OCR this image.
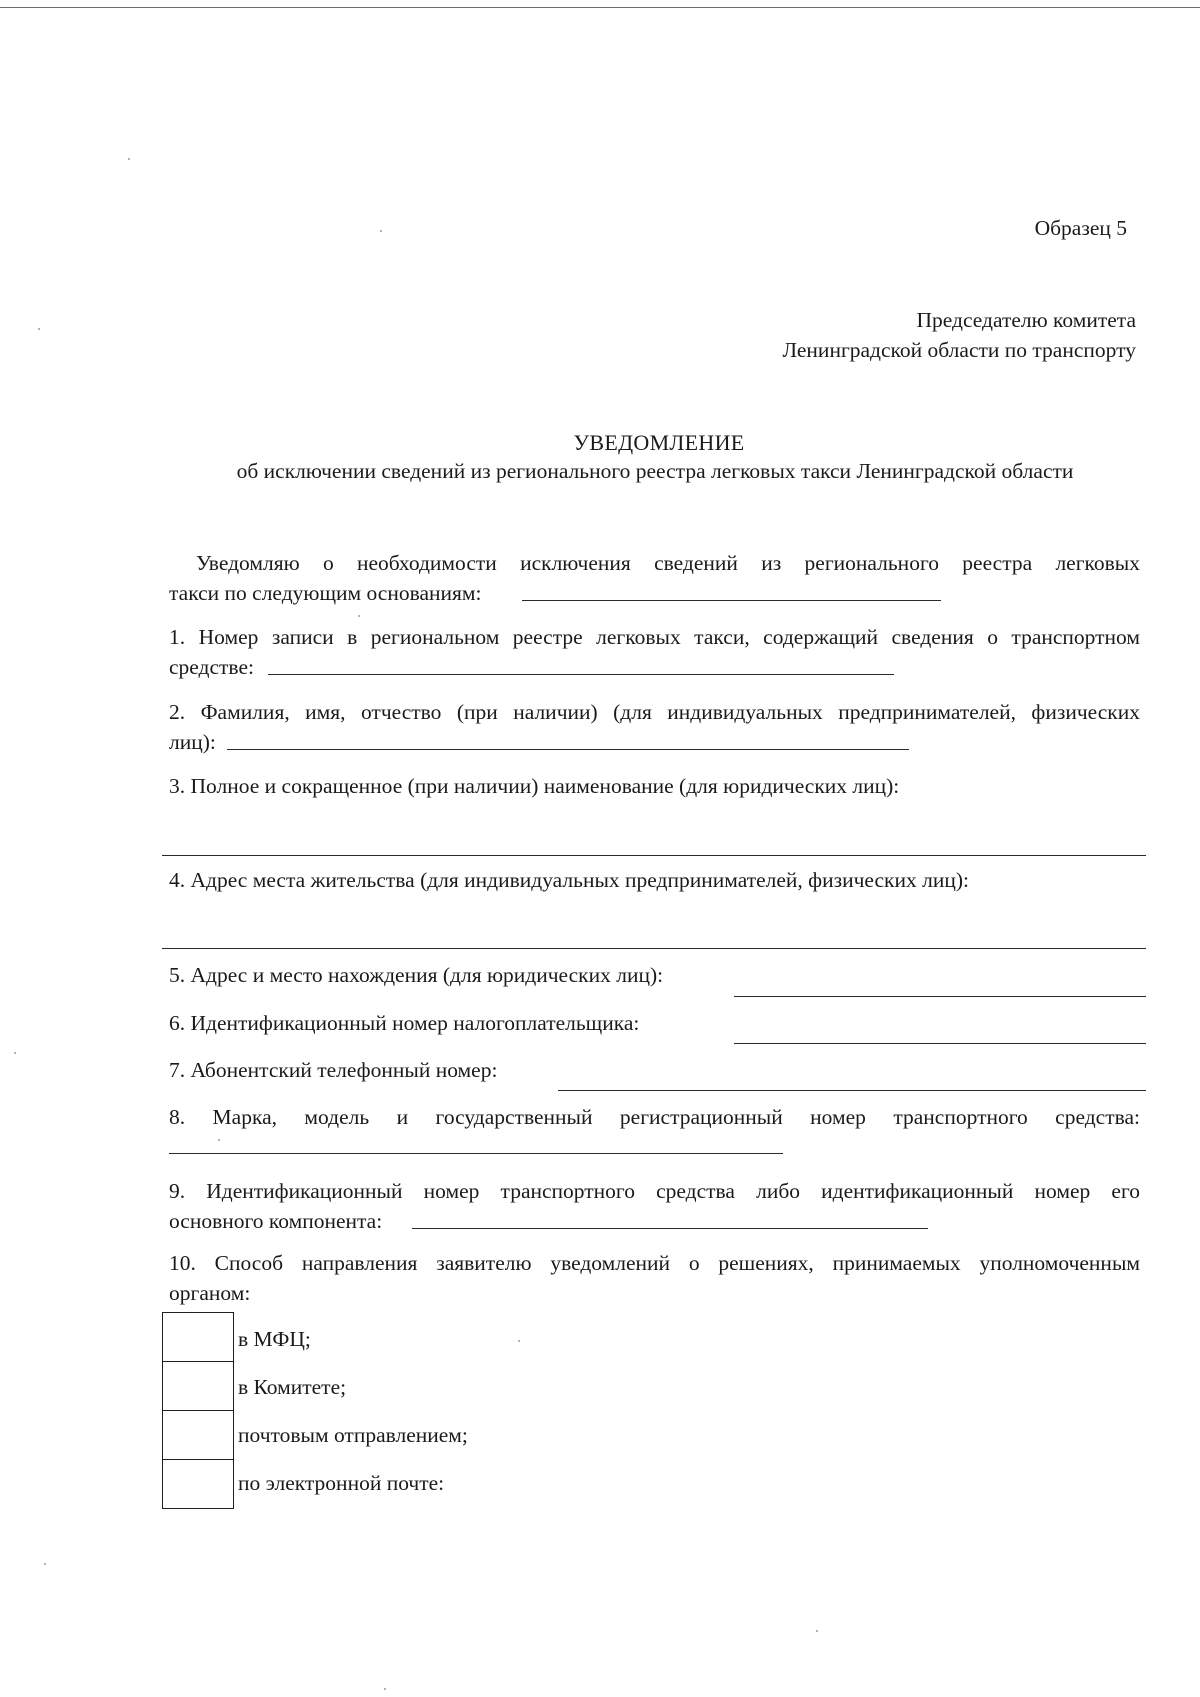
Образец 5
Председателю комитета
Ленинградской области по транспорту
УВЕДОМЛЕНИЕ
об исключении сведений из регионального реестра легковых такси Ленинградской области
Уведомляю о необходимости исключения сведений из регионального реестра легковых
такси по следующим основаниям:
1. Номер записи в региональном реестре легковых такси, содержащий сведения о транспортном
средстве:
2. Фамилия, имя, отчество (при наличии) (для индивидуальных предпринимателей, физических
лиц):
3. Полное и сокращенное (при наличии) наименование (для юридических лиц):
4. Адрес места жительства (для индивидуальных предпринимателей, физических лиц):
5. Адрес и место нахождения (для юридических лиц):
6. Идентификационный номер налогоплательщика:
7. Абонентский телефонный номер:
8. Марка, модель и государственный регистрационный номер транспортного средства:
9. Идентификационный номер транспортного средства либо идентификационный номер его
основного компонента:
10. Способ направления заявителю уведомлений о решениях, принимаемых уполномоченным
органом:
в МФЦ;
в Комитете;
почтовым отправлением;
по электронной почте:
